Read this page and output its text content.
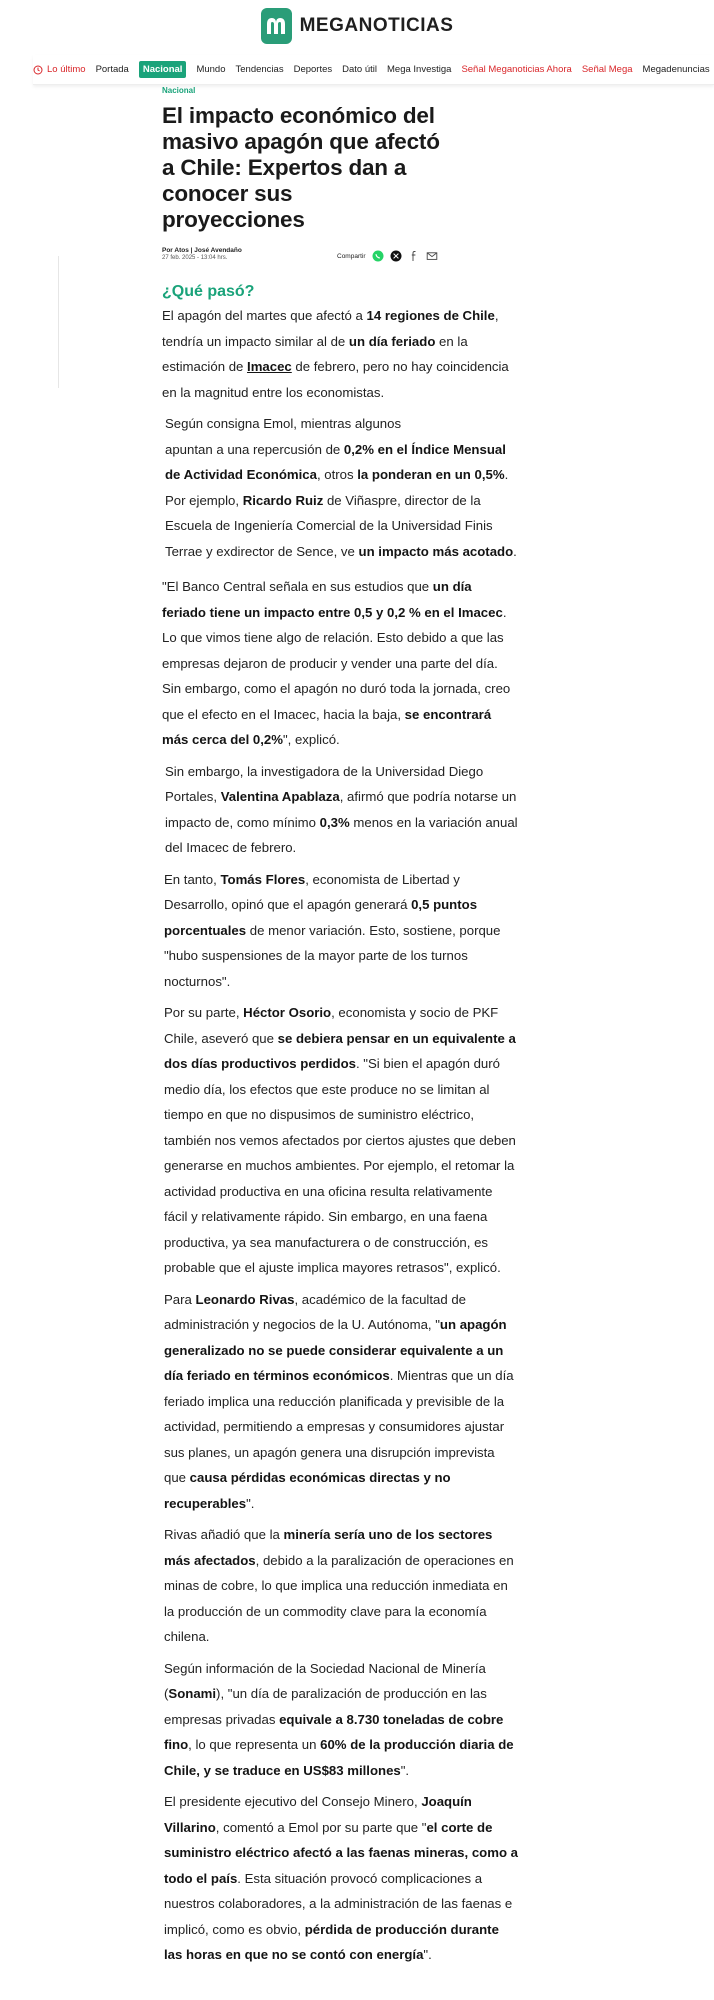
MEGANOTICIAS
Lo último Portada	Nacional	Mundo Tendencias Deportes Dato útil Mega Investiga Señal Meganoticias Ahora Señal Mega Megadenuncias
Nacional
El impacto económico del masivo apagón que afectó a Chile: Expertos dan a conocer sus proyecciones
Por Atos | José Avendaño
27 feb. 2025 - 13:04 hrs.	Compartir
¿Qué pasó?

El apagón del martes que afectó a 14 regiones de Chile, tendría un impacto similar al de un día feriado en la estimación de Imacec de febrero, pero no hay coincidencia en la magnitud entre los economistas.

Según consigna Emol, mientras algunos
apuntan a una repercusión de 0,2% en el Índice Mensual de Actividad Económica, otros la ponderan en un 0,5%. Por ejemplo, Ricardo Ruiz de Viñaspre, director de la Escuela de Ingeniería Comercial de la Universidad Finis Terrae y exdirector de Sence, ve un impacto más acotado.

"El Banco Central señala en sus estudios que un día feriado tiene un impacto entre 0,5 y 0,2 % en el Imacec. Lo que vimos tiene algo de relación. Esto debido a que las empresas dejaron de producir y vender una parte del día. Sin embargo, como el apagón no duró toda la jornada, creo que el efecto en el Imacec, hacia la baja, se encontrará más cerca del 0,2%", explicó.

Sin embargo, la investigadora de la Universidad Diego Portales, Valentina Apablaza, afirmó que podría notarse un impacto de, como mínimo 0,3% menos en la variación anual del Imacec de febrero.

En tanto, Tomás Flores, economista de Libertad y Desarrollo, opinó que el apagón generará 0,5 puntos porcentuales de menor variación. Esto, sostiene, porque "hubo suspensiones de la mayor parte de los turnos nocturnos".

Por su parte, Héctor Osorio, economista y socio de PKF Chile, aseveró que se debiera pensar en un equivalente a dos días productivos perdidos. "Si bien el apagón duró medio día, los efectos que este produce no se limitan al tiempo en que no dispusimos de suministro eléctrico, también nos vemos afectados por ciertos ajustes que deben generarse en muchos ambientes. Por ejemplo, el retomar la actividad productiva en una oficina resulta relativamente fácil y relativamente rápido. Sin embargo, en una faena productiva, ya sea manufacturera o de construcción, es probable que el ajuste implica mayores retrasos", explicó.

Para Leonardo Rivas, académico de la facultad de administración y negocios de la U. Autónoma, "un apagón generalizado no se puede considerar equivalente a un día feriado en términos económicos. Mientras que un día feriado implica una reducción planificada y previsible de la actividad, permitiendo a empresas y consumidores ajustar sus planes, un apagón genera una disrupción imprevista que causa pérdidas económicas directas y no recuperables".

Rivas añadió que la minería sería uno de los sectores más afectados, debido a la paralización de operaciones en minas de cobre, lo que implica una reducción inmediata en la producción de un commodity clave para la economía chilena.

Según información de la Sociedad Nacional de Minería (Sonami), "un día de paralización de producción en las empresas privadas equivale a 8.730 toneladas de cobre fino, lo que representa un 60% de la producción diaria de Chile, y se traduce en US$83 millones".

El presidente ejecutivo del Consejo Minero, Joaquín Villarino, comentó a Emol por su parte que "el corte de suministro eléctrico afectó a las faenas mineras, como a todo el país. Esta situación provocó complicaciones a nuestros colaboradores, a la administración de las faenas e implicó, como es obvio, pérdida de producción durante las horas en que no se contó con energía".
